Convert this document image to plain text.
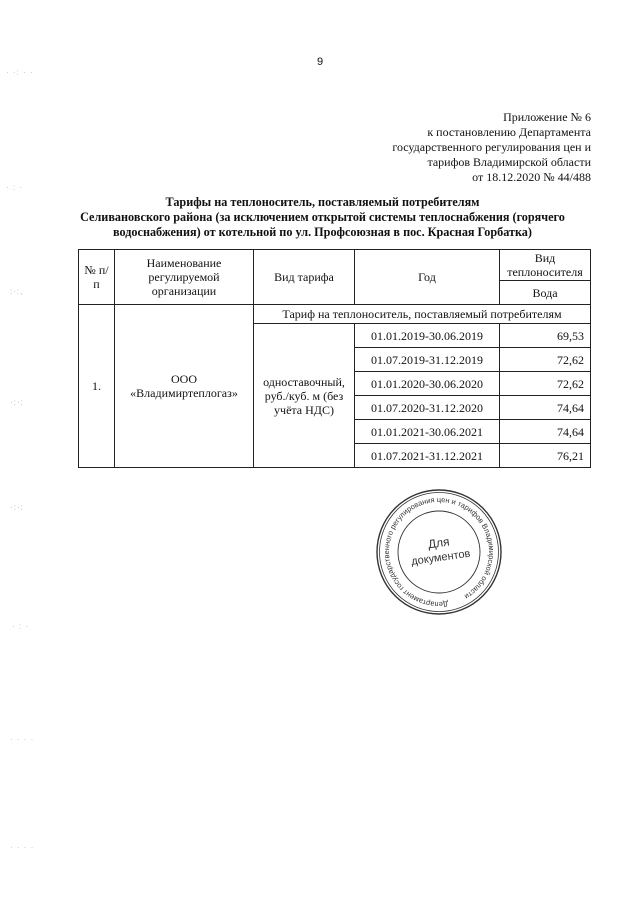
9
Приложение № 6
к постановлению Департамента
государственного регулирования цен и
тарифов Владимирской области
от 18.12.2020 № 44/488
Тарифы на теплоноситель, поставляемый потребителям
Селивановского района (за исключением открытой системы теплоснабжения (горячего
водоснабжения) от котельной по ул. Профсоюзная в пос. Красная Горбатка)
№ п/п	Наименование регулируемой организации	Вид тарифа	Год	Вид теплоносителя
				Вода
1.	ООО «Владимиртеплогаз»	Тариф на теплоноситель, поставляемый потребителям		
		одноставочный, руб./куб. м (без учёта НДС)	01.01.2019-30.06.2019	69,53
			01.07.2019-31.12.2019	72,62
			01.01.2020-30.06.2020	72,62
			01.07.2020-31.12.2020	74,64
			01.01.2021-30.06.2021	74,64
			01.07.2021-31.12.2021	76,21
Департамент государственного регулирования цен и тарифов Владимирской области
Для
документов
· ·: · ·
· : ·
:·:,
·:·:
·:·:
· : ·
· · · ·
· · · ·
